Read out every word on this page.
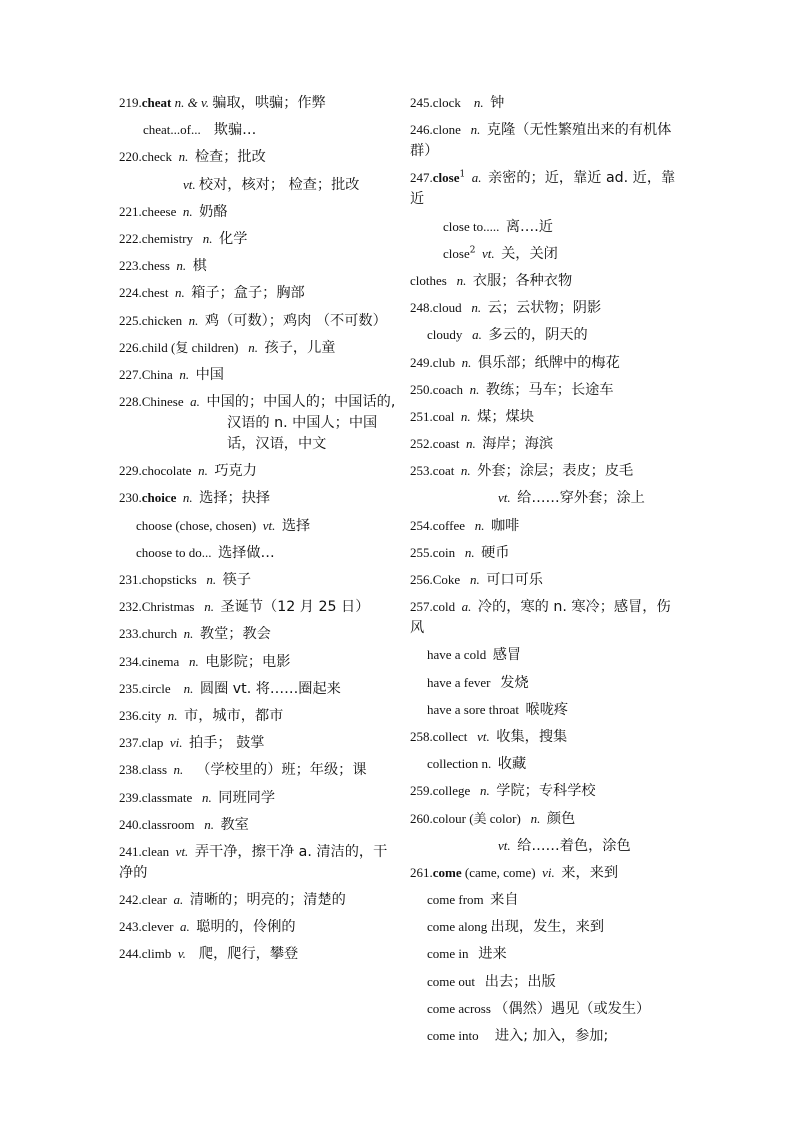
219.cheat n. & v. 骗取，哄骗；作弊
cheat...of... 欺骗…
220.check  n.  检查；批改
vt. 校对，核对； 检查；批改
221.cheese  n.  奶酪
222.chemistry   n.  化学
223.chess  n.  棋
224.chest  n.  箱子；盒子；胸部
225.chicken  n.  鸡（可数）；鸡肉 （不可数）
226.child (复 children)   n.  孩子，儿童
227.China  n.  中国
228.Chinese  a.  中国的；中国人的；中国话的,汉语的 n. 中国人；中国话，汉语，中文
229.chocolate  n.  巧克力
230.choice  n.  选择；抉择
choose (chose, chosen)  vt.  选择
choose to do... 选择做…
231.chopsticks   n.  筷子
232.Christmas   n.  圣诞节（12 月 25 日）
233.church  n.  教堂；教会
234.cinema   n.  电影院；电影
235.circle    n.  圆圈 vt. 将……圈起来
236.city  n.  市，城市，都市
237.clap  vi.  拍手； 鼓掌
238.class  n.    （学校里的）班；年级；课
239.classmate   n.  同班同学
240.classroom   n.  教室
241.clean  vt.  弄干净，擦干净 a. 清洁的，干净的
242.clear  a.  清晰的；明亮的；清楚的
243.clever  a.  聪明的，伶俐的
244.climb  v.    爬，爬行，攀登
245.clock    n.  钟
246.clone   n.  克隆（无性繁殖出来的有机体群）
247.close$^1$  a.  亲密的；近，靠近 ad. 近，靠近
close to..... 离….近
close$^2$  vt.  关，关闭
clothes   n.  衣服；各种衣物
248.cloud   n.  云；云状物；阴影
cloudy   a.  多云的，阴天的
249.club  n.  俱乐部；纸牌中的梅花
250.coach  n.  教练；马车；长途车
251.coal  n.  煤；煤块
252.coast  n.  海岸；海滨
253.coat  n.  外套；涂层；表皮；皮毛
vt.  给……穿外套；涂上
254.coffee   n.  咖啡
255.coin   n.  硬币
256.Coke   n.  可口可乐
257.cold  a.  冷的，寒的 n. 寒冷；感冒，伤风
have a cold 感冒
have a fever 发烧
have a sore throat 喉咙疼
258.collect   vt.  收集，搜集
collection n. 收藏
259.college   n.  学院；专科学校
260.colour (美 color)   n.  颜色
vt.  给……着色，涂色
261.come (came, come)  vi.  来，来到
come from 来自
come along 出现，发生，来到
come in 进来
come out 出去；出版
come across （偶然）遇见（或发生）
come into 进入; 加入，参加;
